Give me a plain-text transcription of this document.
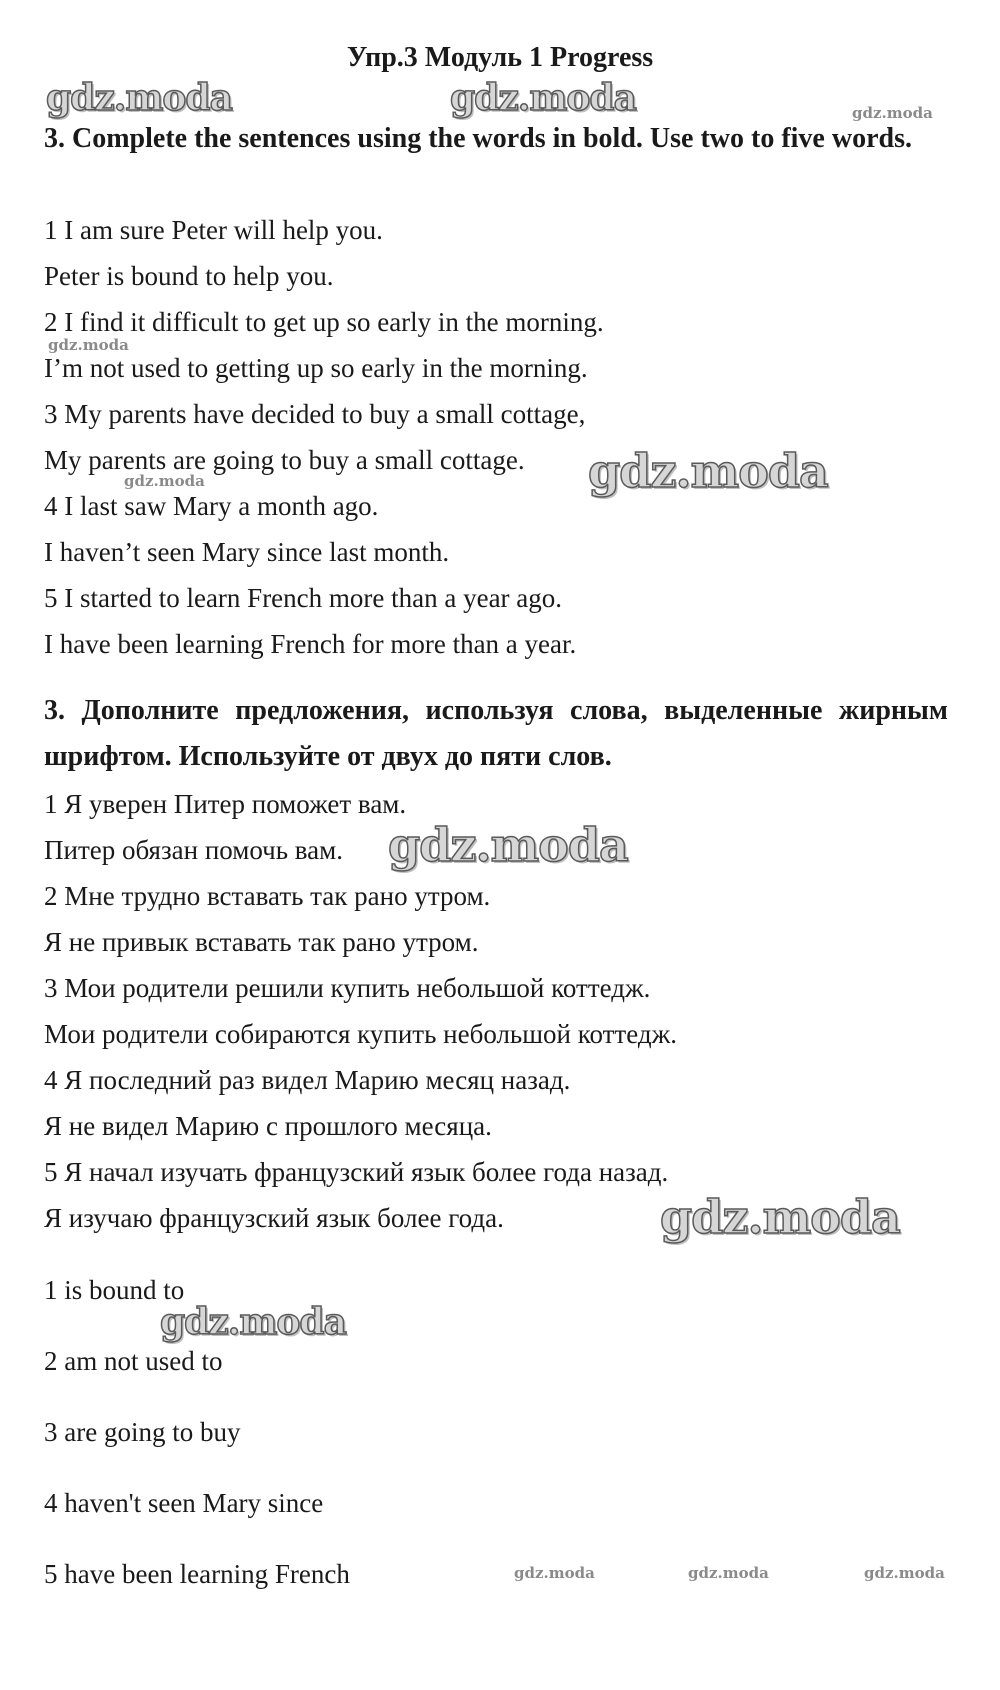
Упр.3 Модуль 1 Progress
3. Complete the sentences using the words in bold. Use two to five words.
1 I am sure Peter will help you.
Peter is bound to help you.
2 I find it difficult to get up so early in the morning.
I’m not used to getting up so early in the morning.
3 My parents have decided to buy a small cottage,
My parents are going to buy a small cottage.
4 I last saw Mary a month ago.
I haven’t seen Mary since last month.
5 I started to learn French more than a year ago.
I have been learning French for more than a year.
3. Дополните предложения, используя слова, выделенные жирным шрифтом. Используйте от двух до пяти слов.
1 Я уверен Питер поможет вам.
Питер обязан помочь вам.
2 Мне трудно вставать так рано утром.
Я не привык вставать так рано утром.
3 Мои родители решили купить небольшой коттедж.
Мои родители собираются купить небольшой коттедж.
4 Я последний раз видел Марию месяц назад.
Я не видел Марию с прошлого месяца.
5 Я начал изучать французский язык более года назад.
Я изучаю французский язык более года.
1 is bound to
2 am not used to
3 are going to buy
4 haven't seen Mary since
5 have been learning French
gdz.moda	gdz.moda	gdz.moda
gdz.moda
gdz.moda	gdz.moda
gdz.moda
gdz.moda
gdz.moda
gdz.moda	gdz.moda	gdz.moda
